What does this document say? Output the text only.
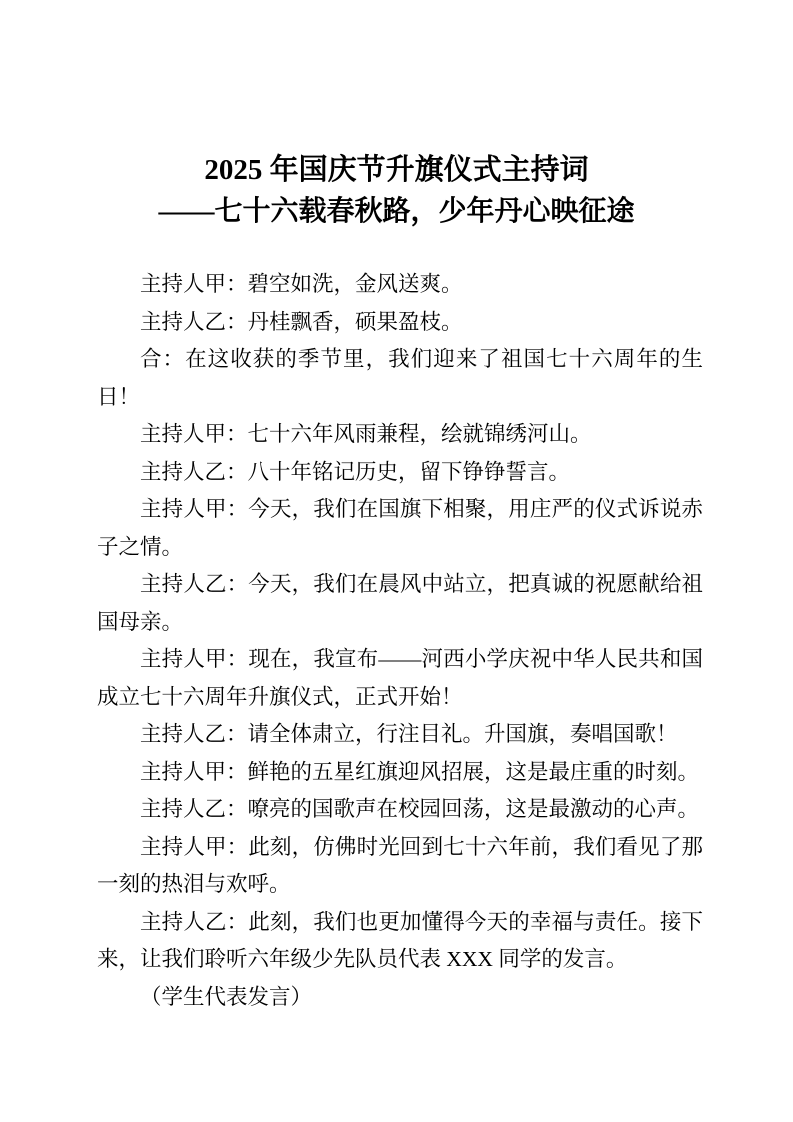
2025 年国庆节升旗仪式主持词
——七十六载春秋路，少年丹心映征途

主持人甲：碧空如洗，金风送爽。

主持人乙：丹桂飘香，硕果盈枝。

合：在这收获的季节里，我们迎来了祖国七十六周年的生日！

主持人甲：七十六年风雨兼程，绘就锦绣河山。

主持人乙：八十年铭记历史，留下铮铮誓言。

主持人甲：今天，我们在国旗下相聚，用庄严的仪式诉说赤子之情。

主持人乙：今天，我们在晨风中站立，把真诚的祝愿献给祖国母亲。

主持人甲：现在，我宣布——河西小学庆祝中华人民共和国成立七十六周年升旗仪式，正式开始！

主持人乙：请全体肃立，行注目礼。升国旗，奏唱国歌！

主持人甲：鲜艳的五星红旗迎风招展，这是最庄重的时刻。

主持人乙：嘹亮的国歌声在校园回荡，这是最激动的心声。

主持人甲：此刻，仿佛时光回到七十六年前，我们看见了那一刻的热泪与欢呼。

主持人乙：此刻，我们也更加懂得今天的幸福与责任。接下来，让我们聆听六年级少先队员代表 XXX 同学的发言。

（学生代表发言）
